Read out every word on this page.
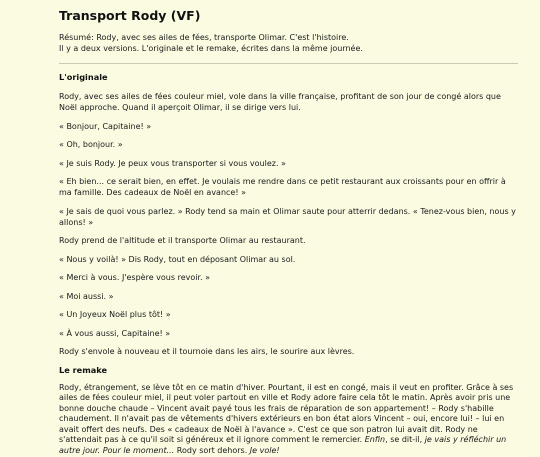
Transport Rody (VF)

Résumé: Rody, avec ses ailes de fées, transporte Olimar. C'est l'histoire.

Il y a deux versions. L'originale et le remake, écrites dans la même journée.

L'originale

Rody, avec ses ailes de fées couleur miel, vole dans la ville française, profitant de son jour de congé alors que Noël approche. Quand il aperçoit Olimar, il se dirige vers lui.

« Bonjour, Capitaine! »

« Oh, bonjour. »

« Je suis Rody. Je peux vous transporter si vous voulez. »

« Eh bien... ce serait bien, en effet. Je voulais me rendre dans ce petit restaurant aux croissants pour en offrir à ma famille. Des cadeaux de Noël en avance! »

« Je sais de quoi vous parlez. » Rody tend sa main et Olimar saute pour atterrir dedans. « Tenez-vous bien, nous y allons! »

Rody prend de l'altitude et il transporte Olimar au restaurant.

« Nous y voilà! » Dis Rody, tout en déposant Olimar au sol.

« Merci à vous. J'espère vous revoir. »

« Moi aussi. »

« Un Joyeux Noël plus tôt! »

« À vous aussi, Capitaine! »

Rody s'envole à nouveau et il tournoie dans les airs, le sourire aux lèvres.

Le remake

Rody, étrangement, se lève tôt en ce matin d'hiver. Pourtant, il est en congé, mais il veut en profiter. Grâce à ses ailes de fées couleur miel, il peut voler partout en ville et Rody adore faire cela tôt le matin. Après avoir pris une bonne douche chaude – Vincent avait payé tous les frais de réparation de son appartement! – Rody s'habille chaudement. Il n'avait pas de vêtements d'hivers extérieurs en bon état alors Vincent – oui, encore lui! – lui en avait offert des neufs. Des « cadeaux de Noël à l'avance ». C'est ce que son patron lui avait dit. Rody ne s'attendait pas à ce qu'il soit si généreux et il ignore comment le remercier. Enfin, se dit-il, je vais y réfléchir un autre jour. Pour le moment... Rody sort dehors. Je vole!
